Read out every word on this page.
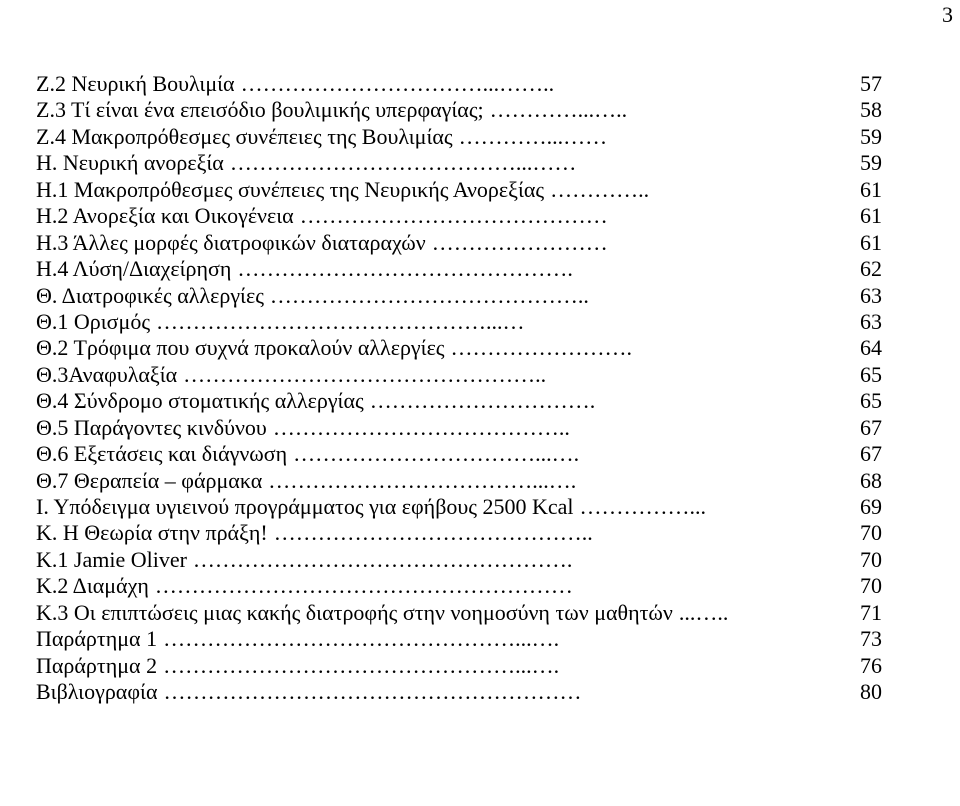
3
Ζ.2 Νευρική Βουλιμία ……………………………...……..	57
Ζ.3 Τί είναι ένα επεισόδιο βουλιμικής υπερφαγίας; …………...…..	58
Ζ.4 Μακροπρόθεσμες συνέπειες της Βουλιμίας …………...……	59
Η. Νευρική ανορεξία …………………………………...……	59
Η.1 Μακροπρόθεσμες συνέπειες της Νευρικής Ανορεξίας …………..	61
Η.2 Ανορεξία και Οικογένεια ……………………………………	61
Η.3 Άλλες μορφές διατροφικών διαταραχών ……………………	61
Η.4 Λύση/Διαχείρηση ……………………………………….	62
Θ. Διατροφικές αλλεργίες ……………………………………..	63
Θ.1 Ορισμός ………………………………………...…	63
Θ.2 Τρόφιμα που συχνά προκαλούν αλλεργίες …………………….	64
Θ.3Αναφυλαξία …………………………………………..	65
Θ.4 Σύνδρομο στοματικής αλλεργίας ………………………….	65
Θ.5 Παράγοντες κινδύνου …………………………………..	67
Θ.6 Εξετάσεις και διάγνωση ……………………………...….	67
Θ.7 Θεραπεία – φάρμακα ………………………………...….	68
Ι. Υπόδειγμα υγιεινού προγράμματος για εφήβους 2500 Kcal ……………...	69
Κ. Η Θεωρία στην πράξη! ……………………………………..	70
Κ.1 Jamie Oliver …………………………………………….	70
Κ.2 Διαμάχη …………………………………………………	70
Κ.3 Οι επιπτώσεις μιας κακής διατροφής στην νοημοσύνη των μαθητών ...…..	71
Παράρτημα 1 …………………………………………...….	73
Παράρτημα 2 …………………………………………...….	76
Βιβλιογραφία …………………………………………………	80
